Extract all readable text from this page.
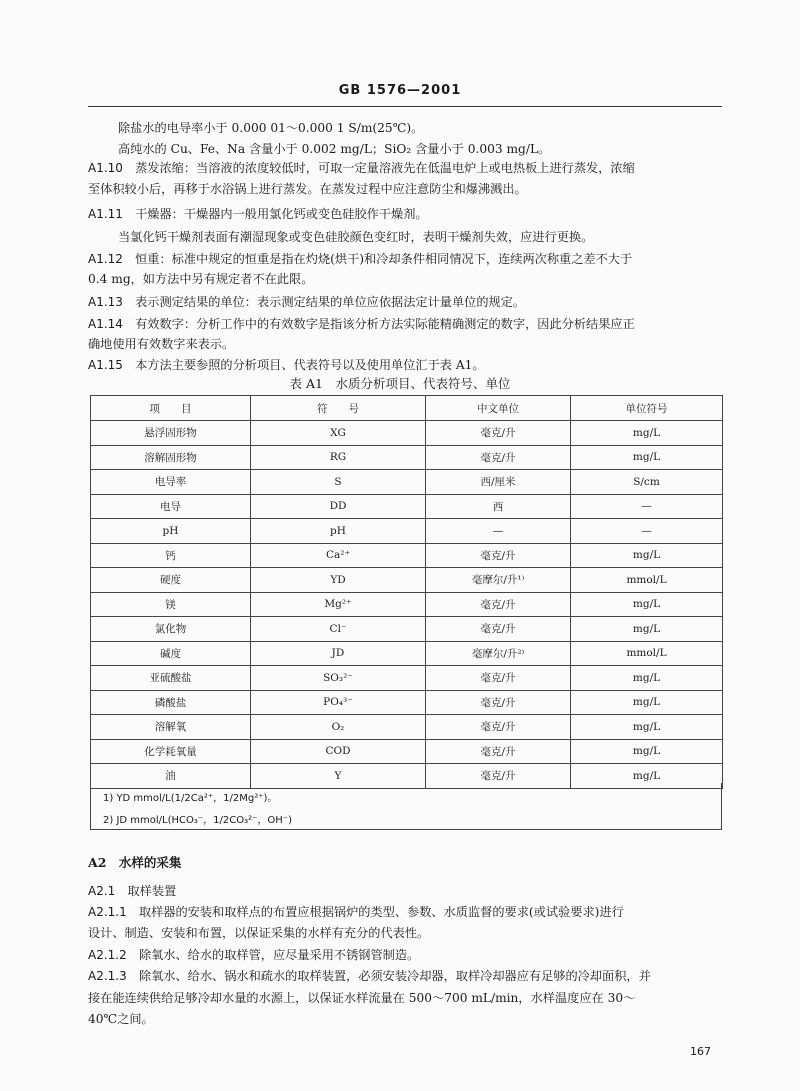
GB 1576—2001
除盐水的电导率小于 0.000 01～0.000 1 S/m(25℃)。
高纯水的 Cu、Fe、Na 含量小于 0.002 mg/L；SiO₂ 含量小于 0.003 mg/L。
A1.10　 蒸发浓缩：当溶液的浓度较低时，可取一定量溶液先在低温电炉上或电热板上进行蒸发，浓缩
至体积较小后，再移于水浴锅上进行蒸发。在蒸发过程中应注意防尘和爆沸溅出。
A1.11　 干燥器：干燥器内一般用氯化钙或变色硅胶作干燥剂。
当氯化钙干燥剂表面有潮湿现象或变色硅胶颜色变红时，表明干燥剂失效，应进行更换。
A1.12　 恒重：标准中规定的恒重是指在灼烧(烘干)和冷却条件相同情况下，连续两次称重之差不大于
0.4 mg，如方法中另有规定者不在此限。
A1.13　 表示测定结果的单位：表示测定结果的单位应依据法定计量单位的规定。
A1.14　 有效数字：分析工作中的有效数字是指该分析方法实际能精确测定的数字，因此分析结果应正
确地使用有效数字来表示。
A1.15　 本方法主要参照的分析项目、代表符号以及使用单位汇于表 A1。
表 A1　水质分析项目、代表符号、单位
项　　目	符　　号	中文单位	单位符号
悬浮固形物	XG	毫克/升	mg/L
溶解固形物	RG	毫克/升	mg/L
电导率	S	西/厘米	S/cm
电导	DD	西	—
pH	pH	—	—
钙	Ca²⁺	毫克/升	mg/L
硬度	YD	毫摩尔/升¹⁾	mmol/L
镁	Mg²⁺	毫克/升	mg/L
氯化物	Cl⁻	毫克/升	mg/L
碱度	JD	毫摩尔/升²⁾	mmol/L
亚硫酸盐	SO₃²⁻	毫克/升	mg/L
磷酸盐	PO₄³⁻	毫克/升	mg/L
溶解氧	O₂	毫克/升	mg/L
化学耗氧量	COD	毫克/升	mg/L
油	Y	毫克/升	mg/L
1) YD mmol/L(1/2Ca²⁺，1/2Mg²⁺)。
2) JD mmol/L(HCO₃⁻，1/2CO₃²⁻，OH⁻)
A2　水样的采集
A2.1　 取样装置
A2.1.1　 取样器的安装和取样点的布置应根据锅炉的类型、参数、水质监督的要求(或试验要求)进行
设计、制造、安装和布置，以保证采集的水样有充分的代表性。
A2.1.2　 除氧水、给水的取样管，应尽量采用不锈钢管制造。
A2.1.3　 除氧水、给水、锅水和疏水的取样装置，必须安装冷却器，取样冷却器应有足够的冷却面积，并
接在能连续供给足够冷却水量的水源上，以保证水样流量在 500～700 mL/min，水样温度应在 30～
40℃之间。
167
